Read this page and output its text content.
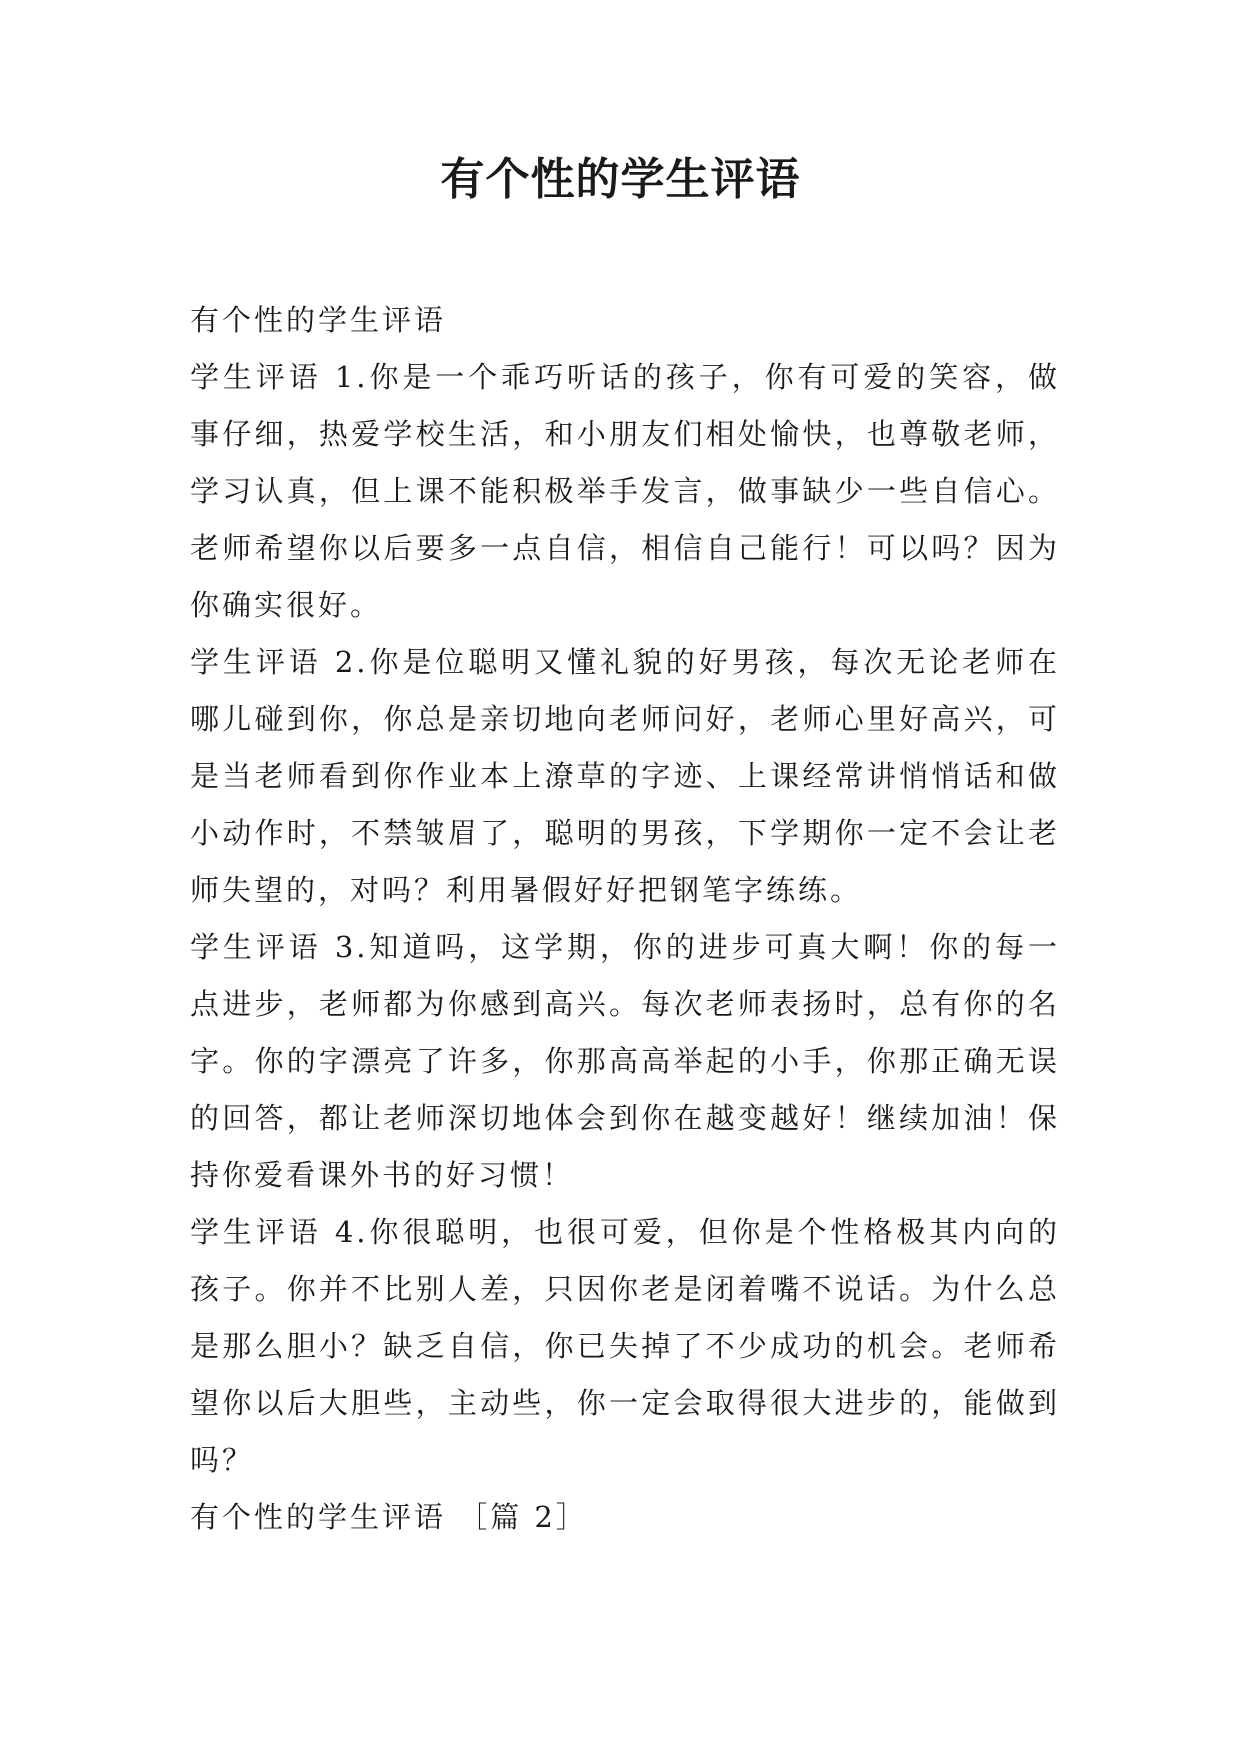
有个性的学生评语

有个性的学生评语

学生评语 1.你是一个乖巧听话的孩子，你有可爱的笑容，做事仔细，热爱学校生活，和小朋友们相处愉快，也尊敬老师，学习认真，但上课不能积极举手发言，做事缺少一些自信心。老师希望你以后要多一点自信，相信自己能行！可以吗？因为你确实很好。

学生评语 2.你是位聪明又懂礼貌的好男孩，每次无论老师在哪儿碰到你，你总是亲切地向老师问好，老师心里好高兴，可是当老师看到你作业本上潦草的字迹、上课经常讲悄悄话和做小动作时，不禁皱眉了，聪明的男孩，下学期你一定不会让老师失望的，对吗？利用暑假好好把钢笔字练练。

学生评语 3.知道吗，这学期，你的进步可真大啊！你的每一点进步，老师都为你感到高兴。每次老师表扬时，总有你的名字。你的字漂亮了许多，你那高高举起的小手，你那正确无误的回答，都让老师深切地体会到你在越变越好！继续加油！保持你爱看课外书的好习惯！

学生评语 4.你很聪明，也很可爱，但你是个性格极其内向的孩子。你并不比别人差，只因你老是闭着嘴不说话。为什么总是那么胆小？缺乏自信，你已失掉了不少成功的机会。老师希望你以后大胆些，主动些，你一定会取得很大进步的，能做到吗？

有个性的学生评语 ［篇 2］
